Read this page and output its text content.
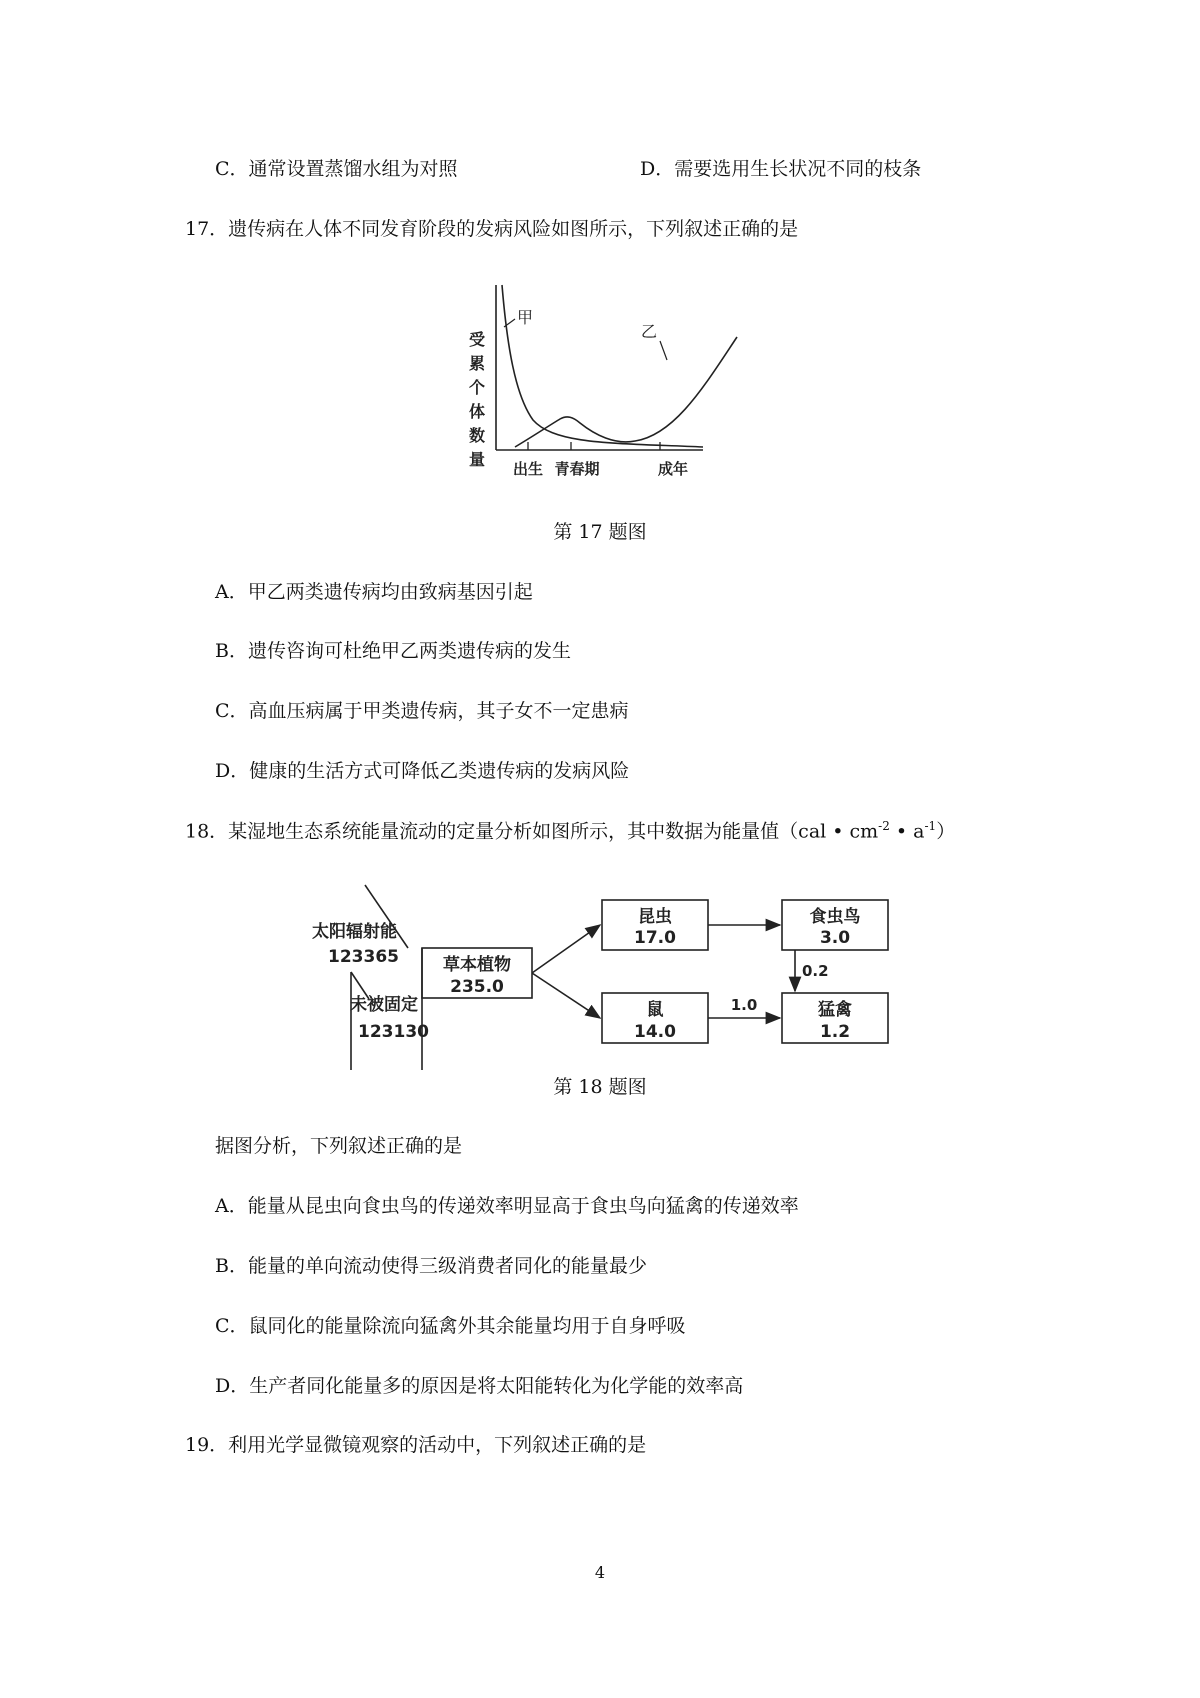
C．通常设置蒸馏水组为对照	D．需要选用生长状况不同的枝条
17．遗传病在人体不同发育阶段的发病风险如图所示，下列叙述正确的是
受
累
个
体
数
量
甲
乙
出生 青春期	成年
第 17 题图
A．甲乙两类遗传病均由致病基因引起
B．遗传咨询可杜绝甲乙两类遗传病的发生
C．高血压病属于甲类遗传病，其子女不一定患病
D．健康的生活方式可降低乙类遗传病的发病风险
18．某湿地生态系统能量流动的定量分析如图所示，其中数据为能量值（cal • $cm^{-2}$ • $a^{-1}$）
太阳辐射能
123365
未被固定
123130
草本植物
235.0
昆虫
17.0
食虫鸟
3.0
鼠
14.0
猛禽
1.2
1.0
0.2
第 18 题图
据图分析，下列叙述正确的是
A．能量从昆虫向食虫鸟的传递效率明显高于食虫鸟向猛禽的传递效率
B．能量的单向流动使得三级消费者同化的能量最少
C．鼠同化的能量除流向猛禽外其余能量均用于自身呼吸
D．生产者同化能量多的原因是将太阳能转化为化学能的效率高
19．利用光学显微镜观察的活动中，下列叙述正确的是
4
